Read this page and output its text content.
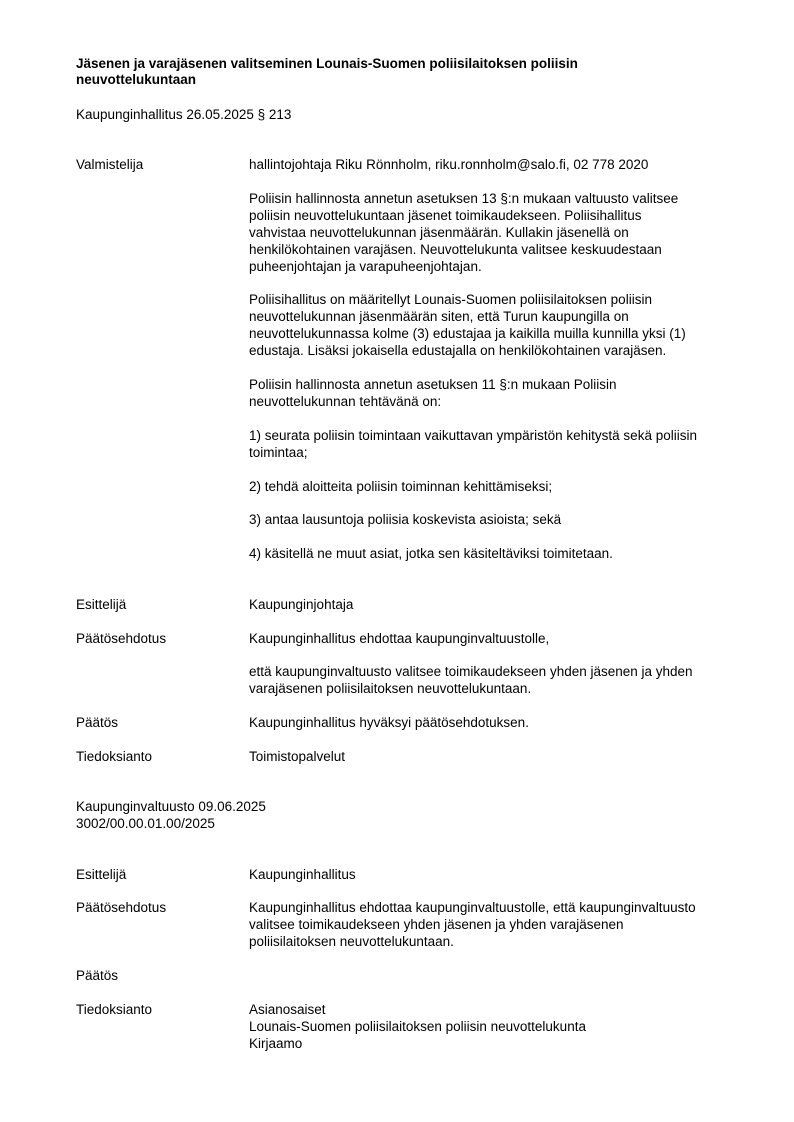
Jäsenen ja varajäsenen valitseminen Lounais-Suomen poliisilaitoksen poliisin
neuvottelukuntaan
Kaupunginhallitus 26.05.2025 § 213
Valmistelija	hallintojohtaja Riku Rönnholm, riku.ronnholm@salo.fi, 02 778 2020
Poliisin hallinnosta annetun asetuksen 13 §:n mukaan valtuusto valitsee
poliisin neuvottelukuntaan jäsenet toimikaudekseen. Poliisihallitus
vahvistaa neuvottelukunnan jäsenmäärän. Kullakin jäsenellä on
henkilökohtainen varajäsen. Neuvottelukunta valitsee keskuudestaan
puheenjohtajan ja varapuheenjohtajan.
Poliisihallitus on määritellyt Lounais-Suomen poliisilaitoksen poliisin
neuvottelukunnan jäsenmäärän siten, että Turun kaupungilla on
neuvottelukunnassa kolme (3) edustajaa ja kaikilla muilla kunnilla yksi (1)
edustaja. Lisäksi jokaisella edustajalla on henkilökohtainen varajäsen.
Poliisin hallinnosta annetun asetuksen 11 §:n mukaan Poliisin
neuvottelukunnan tehtävänä on:
1) seurata poliisin toimintaan vaikuttavan ympäristön kehitystä sekä poliisin
toimintaa;
2) tehdä aloitteita poliisin toiminnan kehittämiseksi;
3) antaa lausuntoja poliisia koskevista asioista; sekä
4) käsitellä ne muut asiat, jotka sen käsiteltäviksi toimitetaan.
Esittelijä	Kaupunginjohtaja
Päätösehdotus	Kaupunginhallitus ehdottaa kaupunginvaltuustolle,
että kaupunginvaltuusto valitsee toimikaudekseen yhden jäsenen ja yhden
varajäsenen poliisilaitoksen neuvottelukuntaan.
Päätös	Kaupunginhallitus hyväksyi päätösehdotuksen.
Tiedoksianto	Toimistopalvelut
Kaupunginvaltuusto 09.06.2025
3002/00.00.01.00/2025
Esittelijä	Kaupunginhallitus
Päätösehdotus	Kaupunginhallitus ehdottaa kaupunginvaltuustolle, että kaupunginvaltuusto
valitsee toimikaudekseen yhden jäsenen ja yhden varajäsenen
poliisilaitoksen neuvottelukuntaan.
Päätös
Tiedoksianto	Asianosaiset
Lounais-Suomen poliisilaitoksen poliisin neuvottelukunta
Kirjaamo
